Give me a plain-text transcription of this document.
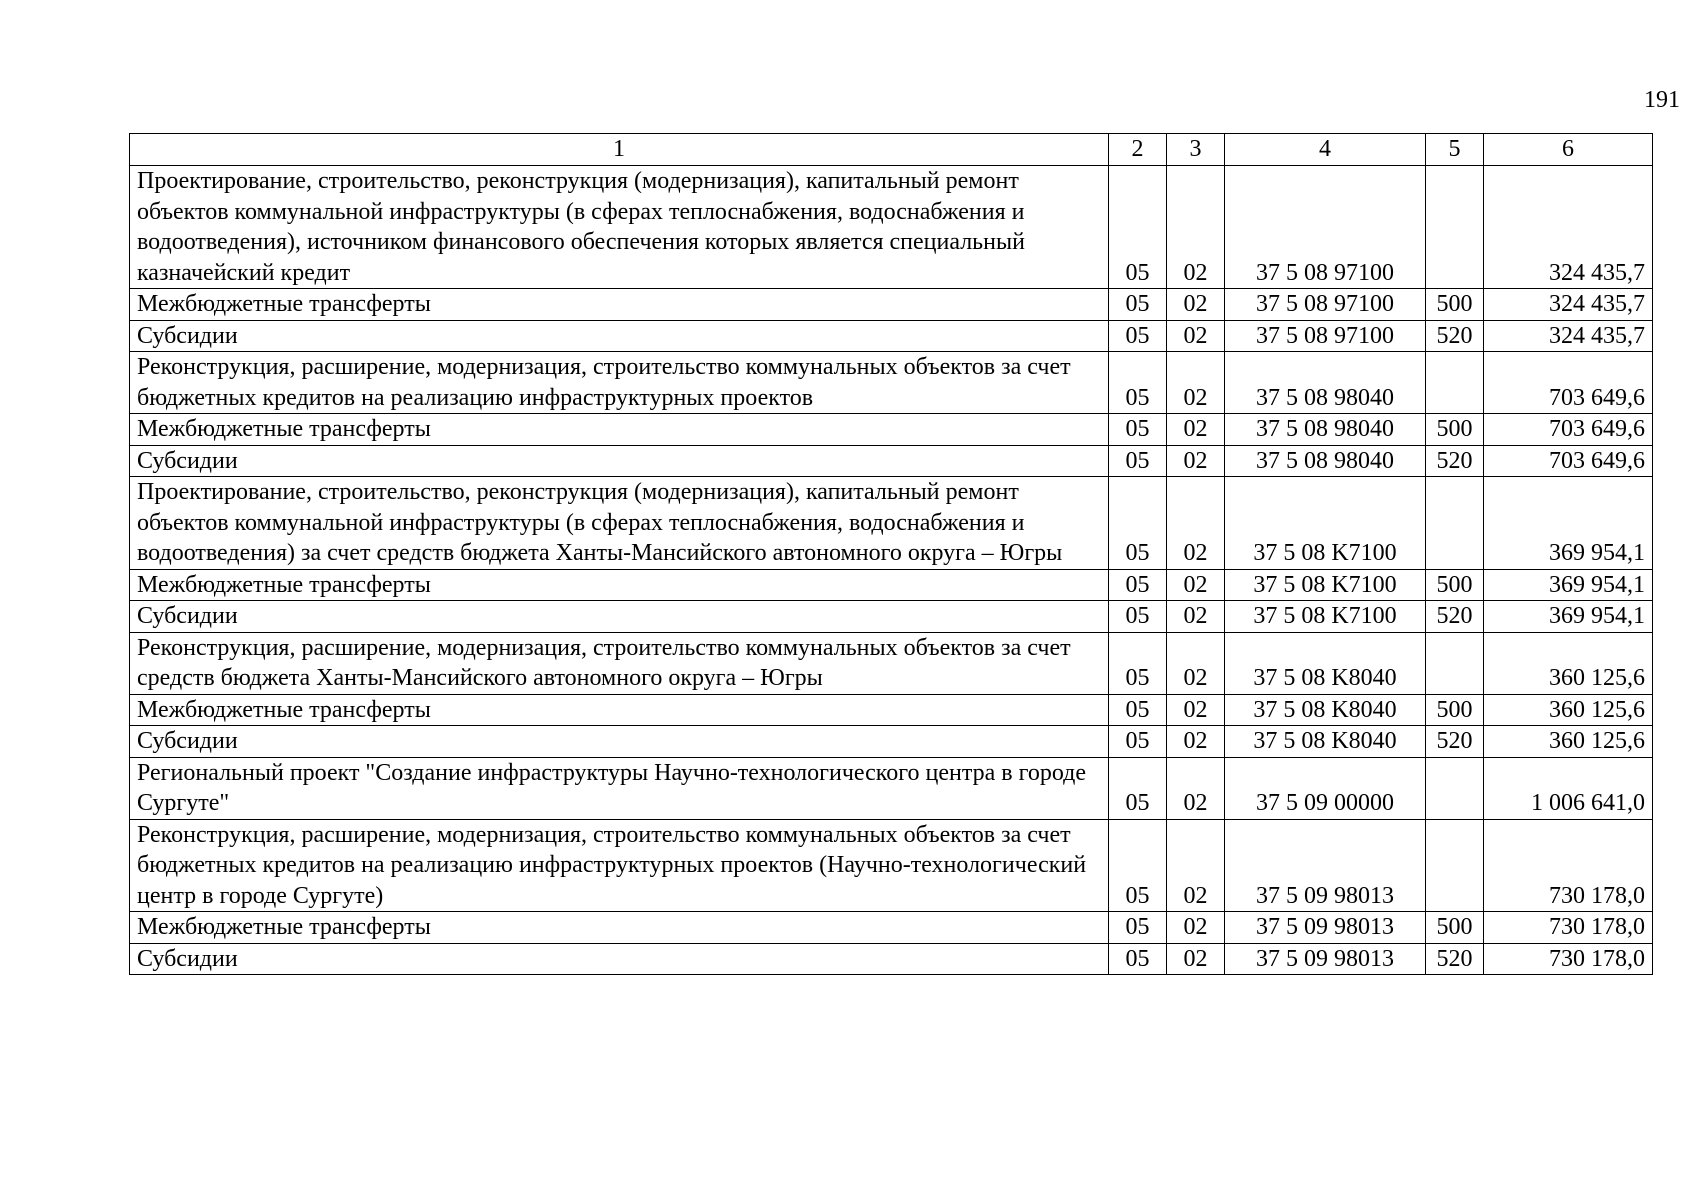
191
1	2	3	4	5	6
Проектирование, строительство, реконструкция (модернизация), капитальный ремонт объектов коммунальной инфраструктуры (в сферах теплоснабжения, водоснабжения и водоотведения), источником финансового обеспечения которых является специальный казначейский кредит	05	02	37 5 08 97100		324 435,7
Межбюджетные трансферты	05	02	37 5 08 97100	500	324 435,7
Субсидии	05	02	37 5 08 97100	520	324 435,7
Реконструкция, расширение, модернизация, строительство коммунальных объектов за счет бюджетных кредитов на реализацию инфраструктурных проектов	05	02	37 5 08 98040		703 649,6
Межбюджетные трансферты	05	02	37 5 08 98040	500	703 649,6
Субсидии	05	02	37 5 08 98040	520	703 649,6
Проектирование, строительство, реконструкция (модернизация), капитальный ремонт объектов коммунальной инфраструктуры (в сферах теплоснабжения, водоснабжения и водоотведения) за счет средств бюджета Ханты-Мансийского автономного округа – Югры	05	02	37 5 08 K7100		369 954,1
Межбюджетные трансферты	05	02	37 5 08 K7100	500	369 954,1
Субсидии	05	02	37 5 08 K7100	520	369 954,1
Реконструкция, расширение, модернизация, строительство коммунальных объектов за счет средств бюджета Ханты-Мансийского автономного округа – Югры	05	02	37 5 08 K8040		360 125,6
Межбюджетные трансферты	05	02	37 5 08 K8040	500	360 125,6
Субсидии	05	02	37 5 08 K8040	520	360 125,6
Региональный проект "Создание инфраструктуры Научно-технологического центра в городе Сургуте"	05	02	37 5 09 00000		1 006 641,0
Реконструкция, расширение, модернизация, строительство коммунальных объектов за счет бюджетных кредитов на реализацию инфраструктурных проектов (Научно-технологический центр в городе Сургуте)	05	02	37 5 09 98013		730 178,0
Межбюджетные трансферты	05	02	37 5 09 98013	500	730 178,0
Субсидии	05	02	37 5 09 98013	520	730 178,0
